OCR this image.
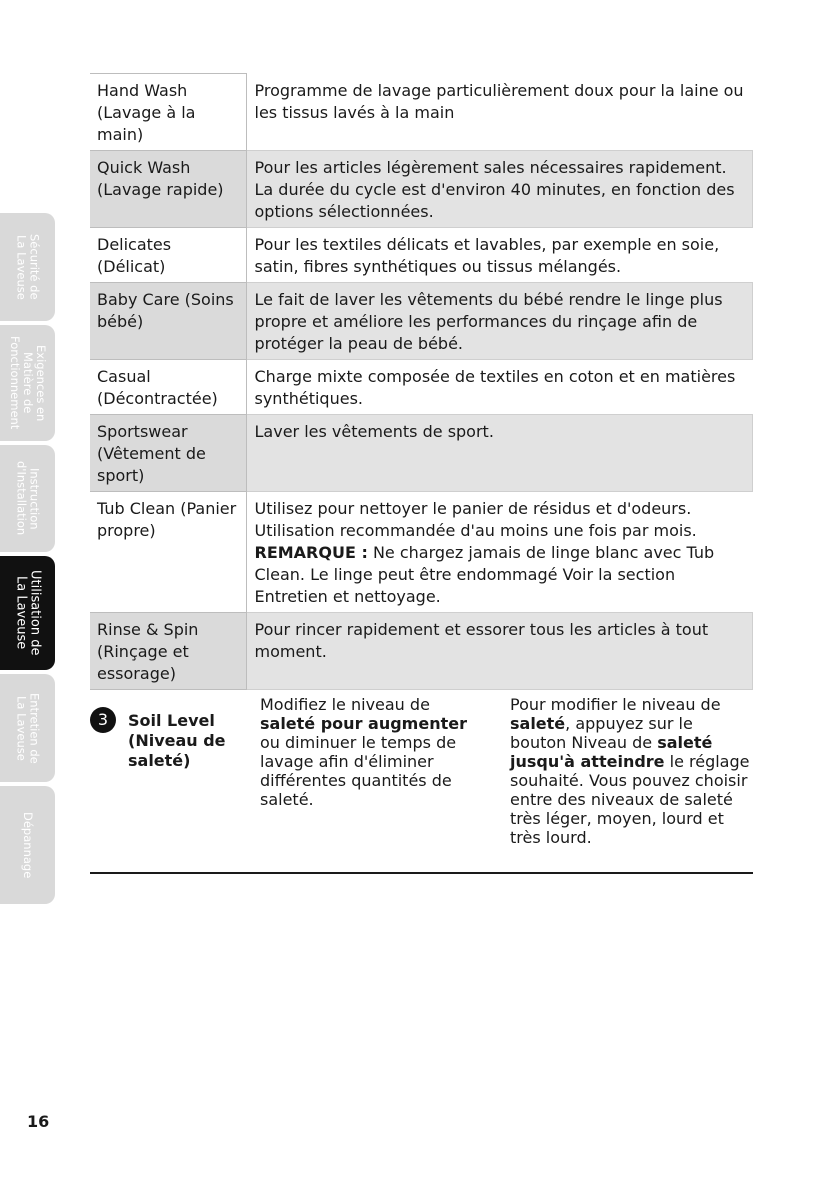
Sécurité de
La Laveuse
Exigences en
Matière de
Fonctionnement
Instruction
d'Installation
Utilisation de
La Laveuse
Entretien de
La Laveuse
Dépannage
Hand Wash (Lavage à la main)	Programme de lavage particulièrement doux pour la laine ou les tissus lavés à la main
Quick Wash (Lavage rapide)	Pour les articles légèrement sales nécessaires rapidement. La durée du cycle est d'environ 40 minutes, en fonction des options sélectionnées.
Delicates (Délicat)	Pour les textiles délicats et lavables, par exemple en soie, satin, fibres synthétiques ou tissus mélangés.
Baby Care (Soins bébé)	Le fait de laver les vêtements du bébé rendre le linge plus propre et améliore les performances du rinçage afin de protéger la peau de bébé.
Casual (Décontractée)	Charge mixte composée de textiles en coton et en matières synthétiques.
Sportswear (Vêtement de sport)	Laver les vêtements de sport.
Tub Clean (Panier propre)	Utilisez pour nettoyer le panier de résidus et d'odeurs. Utilisation recommandée d'au moins une fois par mois. REMARQUE : Ne chargez jamais de linge blanc avec Tub Clean. Le linge peut être endommagé Voir la section Entretien et nettoyage.
Rinse & Spin (Rinçage et essorage)	Pour rincer rapidement et essorer tous les articles à tout moment.
3	Soil Level (Niveau de saleté)
Modifiez le niveau de saleté pour augmenter ou diminuer le temps de lavage afin d'éliminer différentes quantités de saleté.
Pour modifier le niveau de saleté, appuyez sur le bouton Niveau de saleté jusqu'à atteindre le réglage souhaité. Vous pouvez choisir entre des niveaux de saleté très léger, moyen, lourd et très lourd.
16
